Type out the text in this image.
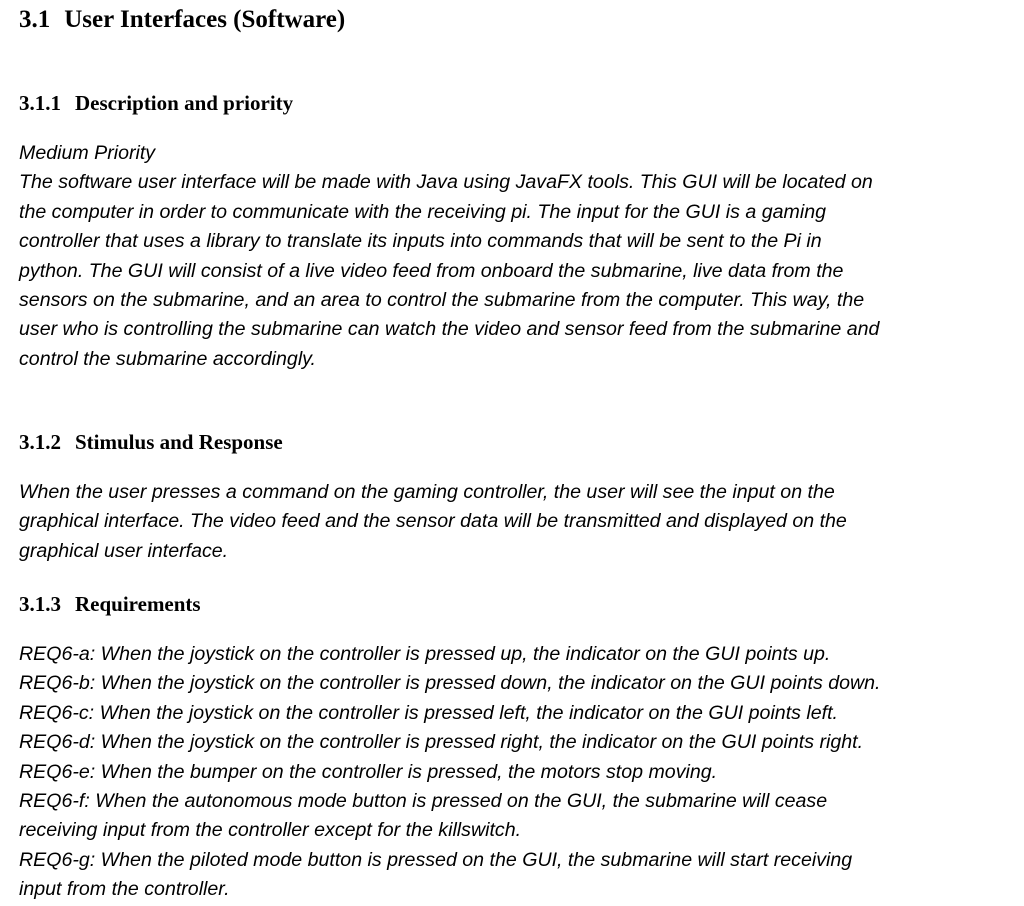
3.1 User Interfaces (Software)
3.1.1 Description and priority
Medium Priority
The software user interface will be made with Java using JavaFX tools. This GUI will be located on
the computer in order to communicate with the receiving pi. The input for the GUI is a gaming
controller that uses a library to translate its inputs into commands that will be sent to the Pi in
python. The GUI will consist of a live video feed from onboard the submarine, live data from the
sensors on the submarine, and an area to control the submarine from the computer. This way, the
user who is controlling the submarine can watch the video and sensor feed from the submarine and
control the submarine accordingly.
3.1.2 Stimulus and Response
When the user presses a command on the gaming controller, the user will see the input on the
graphical interface. The video feed and the sensor data will be transmitted and displayed on the
graphical user interface.
3.1.3 Requirements
REQ6-a: When the joystick on the controller is pressed up, the indicator on the GUI points up.
REQ6-b: When the joystick on the controller is pressed down, the indicator on the GUI points down.
REQ6-c: When the joystick on the controller is pressed left, the indicator on the GUI points left.
REQ6-d: When the joystick on the controller is pressed right, the indicator on the GUI points right.
REQ6-e: When the bumper on the controller is pressed, the motors stop moving.
REQ6-f: When the autonomous mode button is pressed on the GUI, the submarine will cease
receiving input from the controller except for the killswitch.
REQ6-g: When the piloted mode button is pressed on the GUI, the submarine will start receiving
input from the controller.
